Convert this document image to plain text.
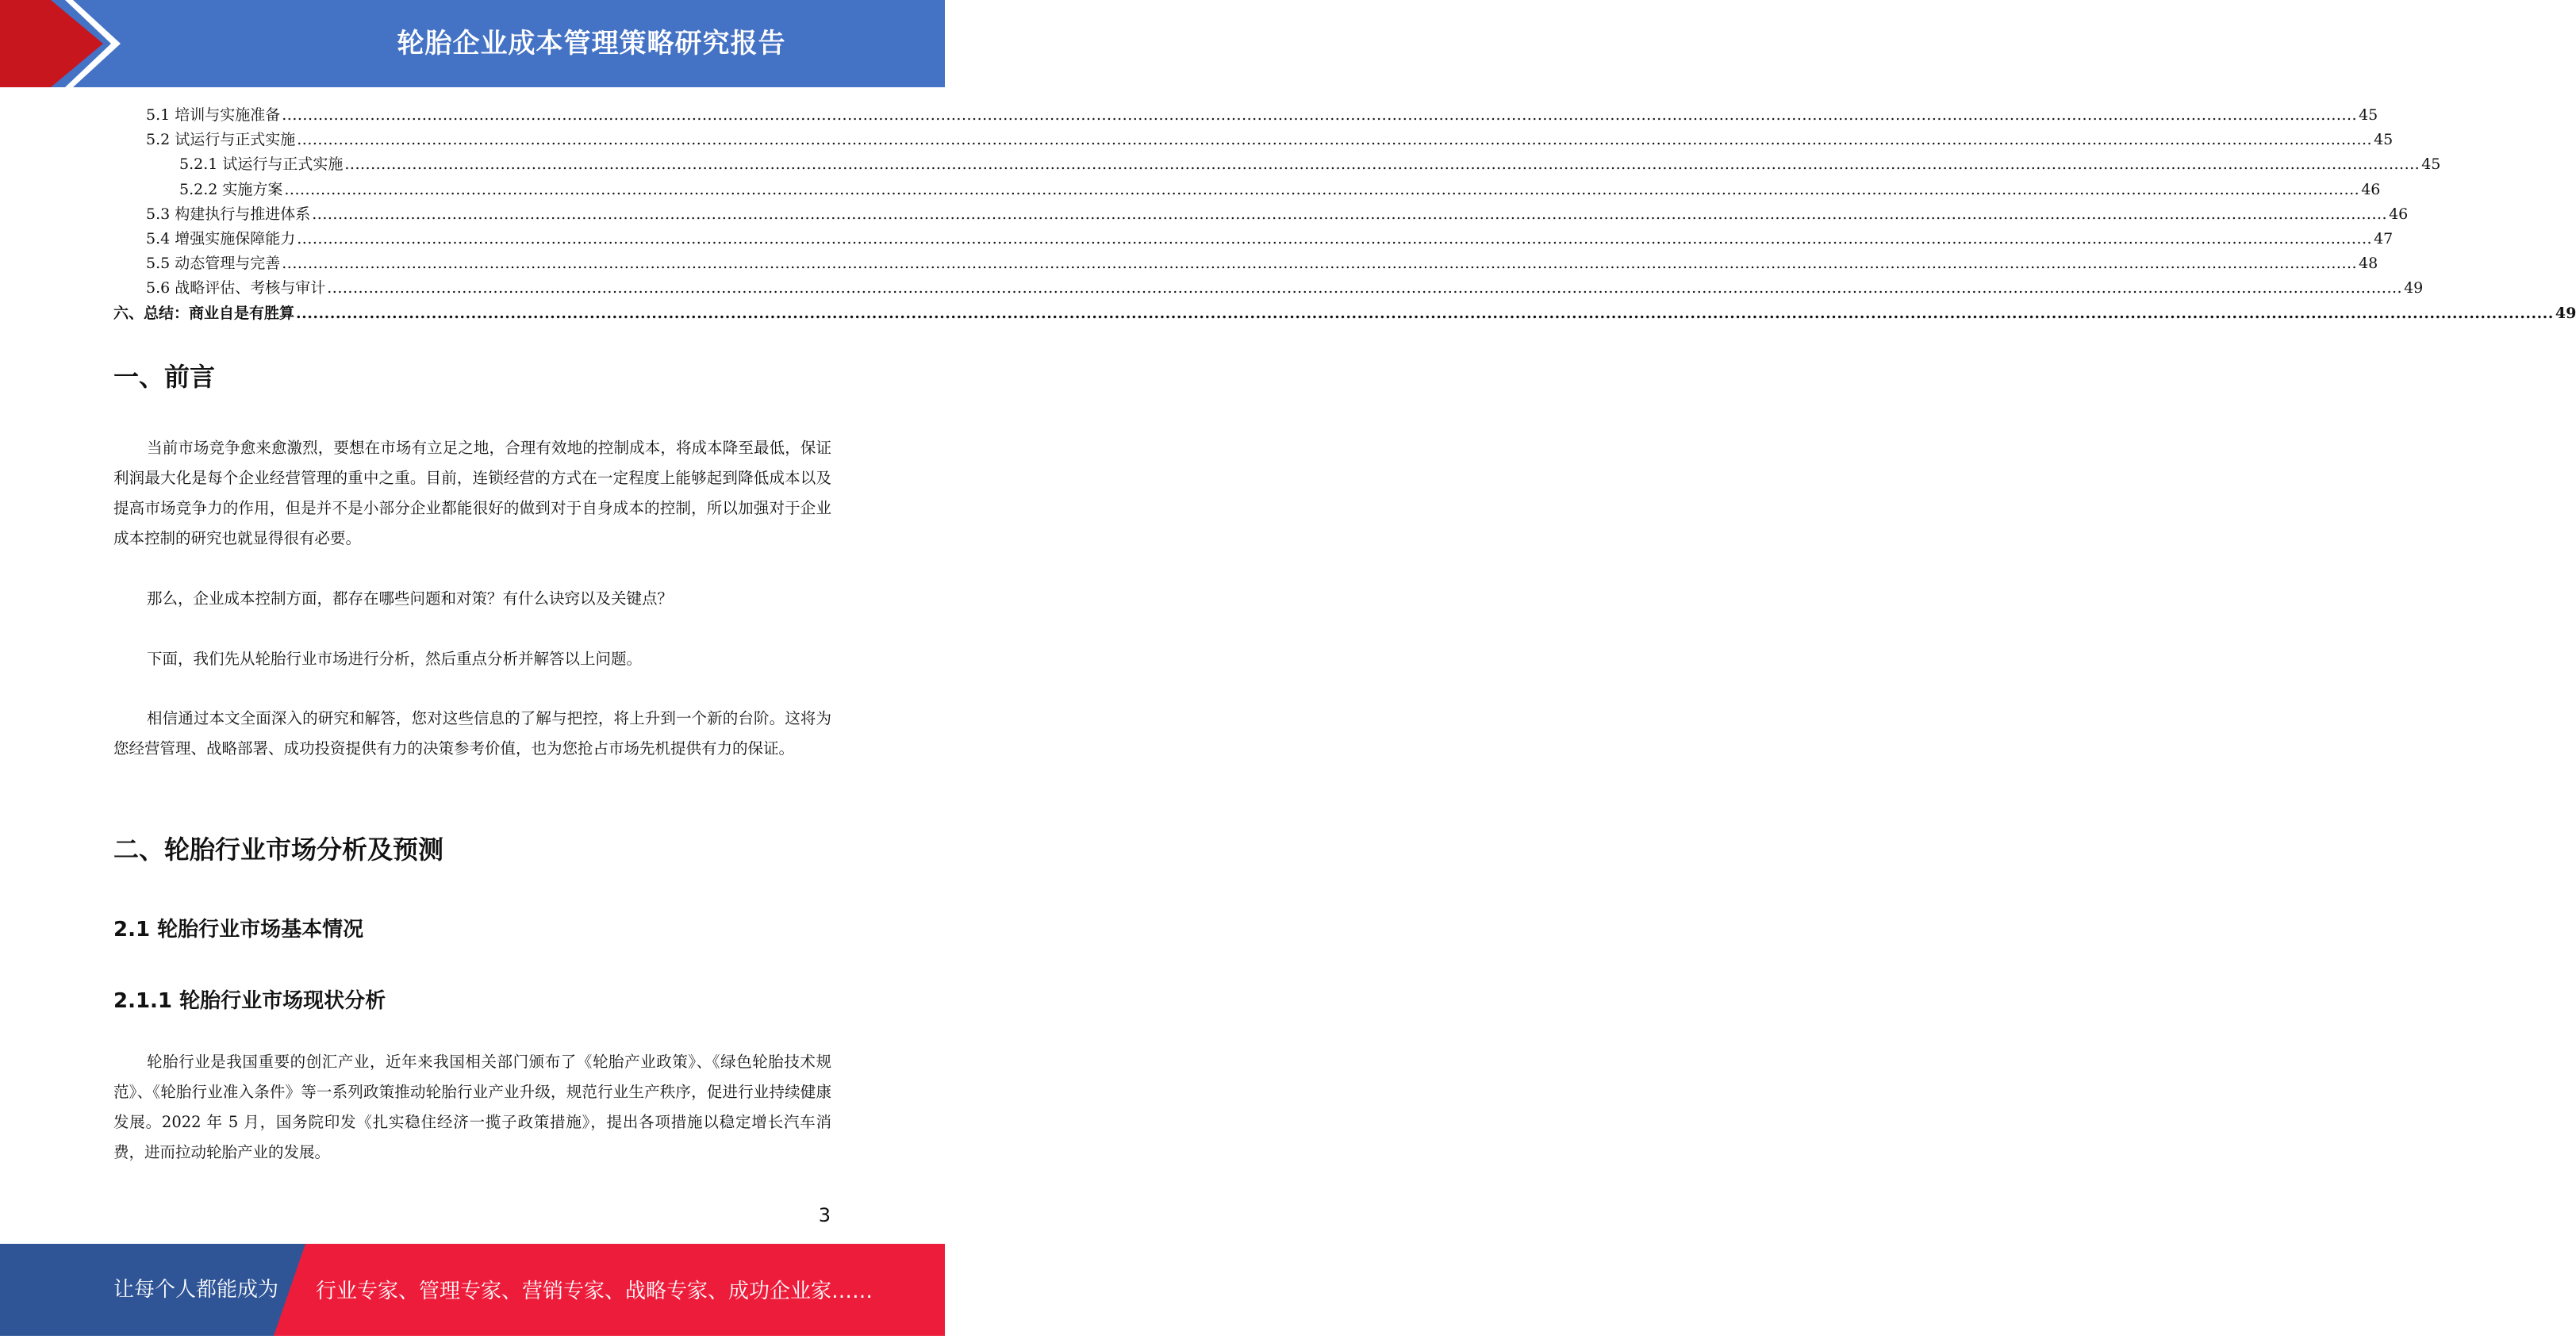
轮胎企业成本管理策略研究报告
5.1 培训与实施准备 ................................................................................................................................................................................................................................................................................................................................................................................................................ 45
5.2 试运行与正式实施 ................................................................................................................................................................................................................................................................................................................................................................................................................ 45
5.2.1 试运行与正式实施 ................................................................................................................................................................................................................................................................................................................................................................................................................ 45
5.2.2 实施方案 ................................................................................................................................................................................................................................................................................................................................................................................................................ 46
5.3 构建执行与推进体系 ................................................................................................................................................................................................................................................................................................................................................................................................................ 46
5.4 增强实施保障能力 ................................................................................................................................................................................................................................................................................................................................................................................................................ 47
5.5 动态管理与完善 ................................................................................................................................................................................................................................................................................................................................................................................................................ 48
5.6 战略评估、考核与审计 ................................................................................................................................................................................................................................................................................................................................................................................................................ 49
六、总结：商业自是有胜算 ................................................................................................................................................................................................................................................................................................................................................................................................................ 49
一、前言

当前市场竞争愈来愈激烈，要想在市场有立足之地，合理有效地的控制成本，将成本降至最低，保证利润最大化是每个企业经营管理的重中之重。目前，连锁经营的方式在一定程度上能够起到降低成本以及提高市场竞争力的作用，但是并不是小部分企业都能很好的做到对于自身成本的控制，所以加强对于企业成本控制的研究也就显得很有必要。

那么，企业成本控制方面，都存在哪些问题和对策？有什么诀窍以及关键点？

下面，我们先从轮胎行业市场进行分析，然后重点分析并解答以上问题。

相信通过本文全面深入的研究和解答，您对这些信息的了解与把控，将上升到一个新的台阶。这将为您经营管理、战略部署、成功投资提供有力的决策参考价值，也为您抢占市场先机提供有力的保证。

二、轮胎行业市场分析及预测
2.1 轮胎行业市场基本情况
2.1.1 轮胎行业市场现状分析

轮胎行业是我国重要的创汇产业，近年来我国相关部门颁布了《轮胎产业政策》、《绿色轮胎技术规范》、《轮胎行业准入条件》等一系列政策推动轮胎行业产业升级，规范行业生产秩序，促进行业持续健康发展。2022 年 5 月，国务院印发《扎实稳住经济一揽子政策措施》，提出各项措施以稳定增长汽车消费，进而拉动轮胎产业的发展。

3
让每个人都能成为 行业专家、管理专家、营销专家、战略专家、成功企业家……
